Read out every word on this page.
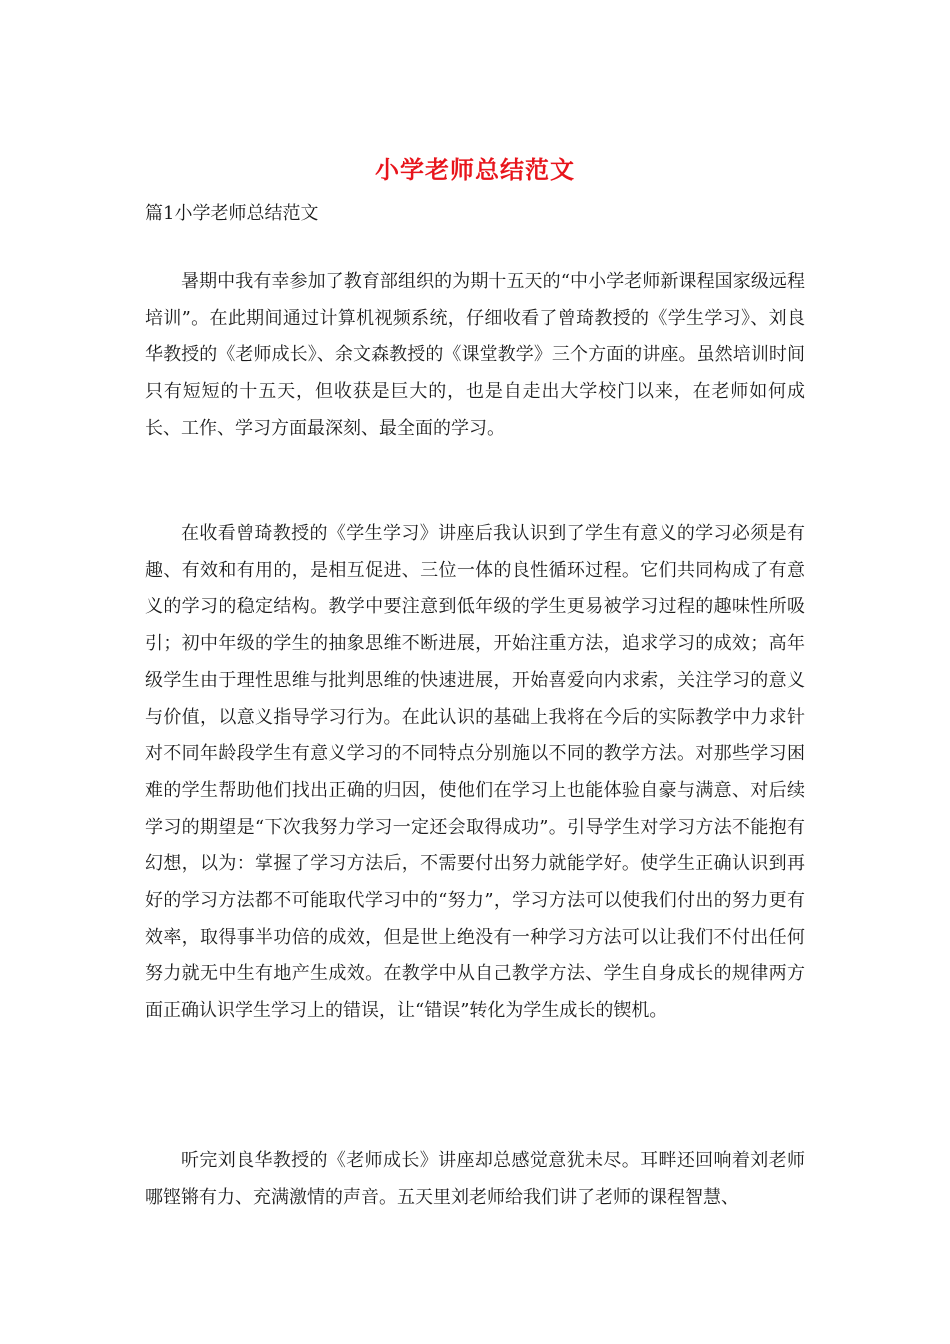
小学老师总结范文
篇1小学老师总结范文

暑期中我有幸参加了教育部组织的为期十五天的“中小学老师新课程国家级远程培训”。在此期间通过计算机视频系统，仔细收看了曾琦教授的《学生学习》、刘良华教授的《老师成长》、余文森教授的《课堂教学》三个方面的讲座。虽然培训时间只有短短的十五天，但收获是巨大的，也是自走出大学校门以来，在老师如何成长、工作、学习方面最深刻、最全面的学习。

在收看曾琦教授的《学生学习》讲座后我认识到了学生有意义的学习必须是有趣、有效和有用的，是相互促进、三位一体的良性循环过程。它们共同构成了有意义的学习的稳定结构。教学中要注意到低年级的学生更易被学习过程的趣味性所吸引；初中年级的学生的抽象思维不断进展，开始注重方法，追求学习的成效；高年级学生由于理性思维与批判思维的快速进展，开始喜爱向内求索，关注学习的意义与价值，以意义指导学习行为。在此认识的基础上我将在今后的实际教学中力求针对不同年龄段学生有意义学习的不同特点分别施以不同的教学方法。对那些学习困难的学生帮助他们找出正确的归因，使他们在学习上也能体验自豪与满意、对后续学习的期望是“下次我努力学习一定还会取得成功”。引导学生对学习方法不能抱有幻想，以为：掌握了学习方法后，不需要付出努力就能学好。使学生正确认识到再好的学习方法都不可能取代学习中的“努力”，学习方法可以使我们付出的努力更有效率，取得事半功倍的成效，但是世上绝没有一种学习方法可以让我们不付出任何努力就无中生有地产生成效。在教学中从自己教学方法、学生自身成长的规律两方面正确认识学生学习上的错误，让“错误”转化为学生成长的锲机。

听完刘良华教授的《老师成长》讲座却总感觉意犹未尽。耳畔还回响着刘老师哪铿锵有力、充满激情的声音。五天里刘老师给我们讲了老师的课程智慧、
